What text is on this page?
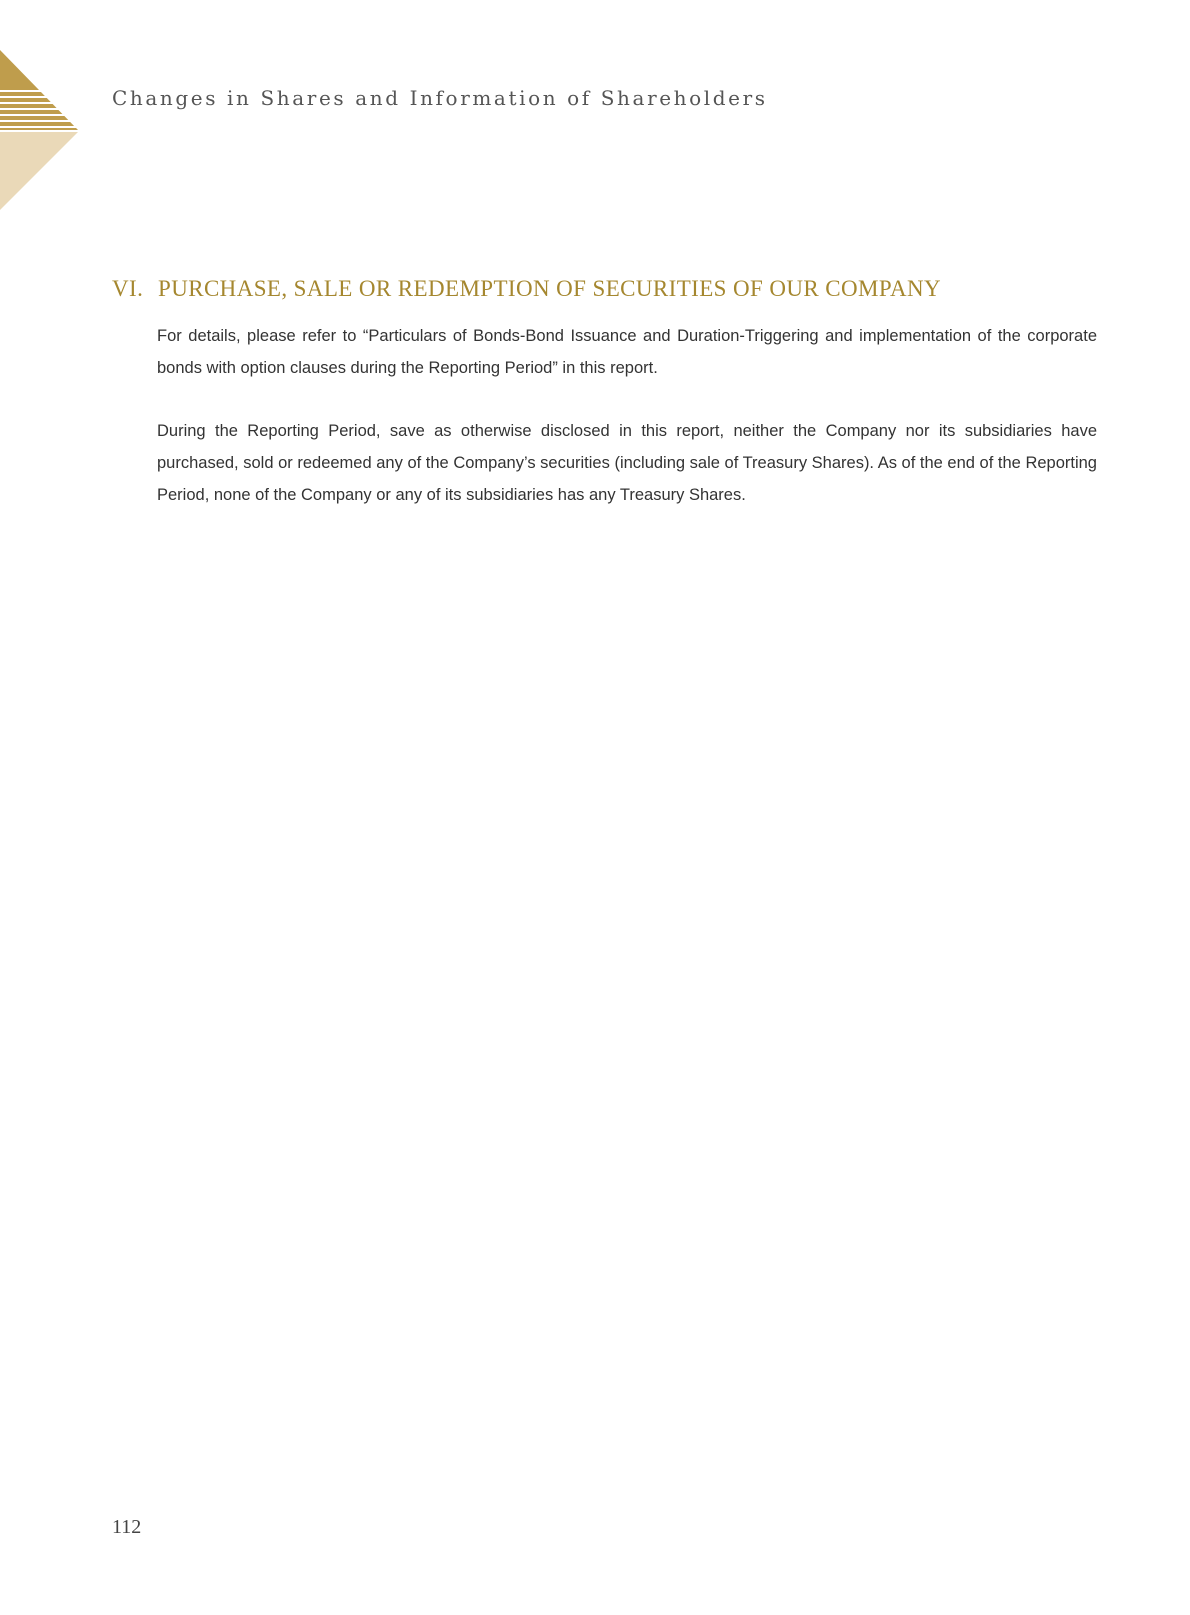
Changes in Shares and Information of Shareholders
VI. PURCHASE, SALE OR REDEMPTION OF SECURITIES OF OUR COMPANY

For details, please refer to “Particulars of Bonds-Bond Issuance and Duration-Triggering and implementation of the corporate bonds with option clauses during the Reporting Period” in this report.

During the Reporting Period, save as otherwise disclosed in this report, neither the Company nor its subsidiaries have purchased, sold or redeemed any of the Company’s securities (including sale of Treasury Shares). As of the end of the Reporting Period, none of the Company or any of its subsidiaries has any Treasury Shares.

112
